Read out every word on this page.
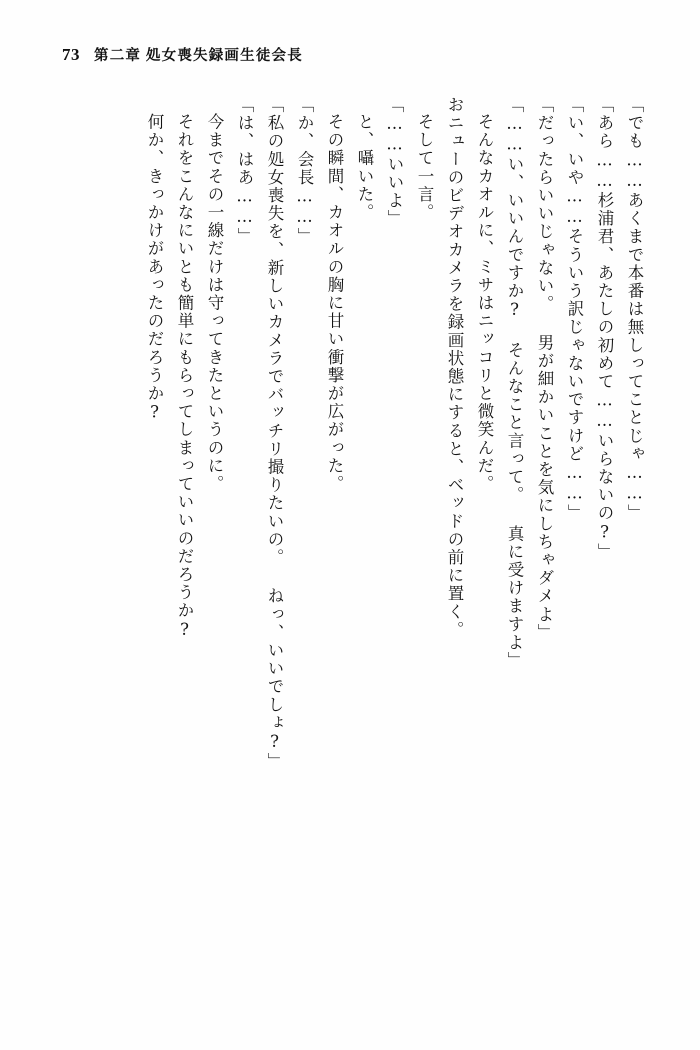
73 第二章 処女喪失録画生徒会長
「でも……あくまで本番は無しってことじゃ……」
「あら……杉浦君、あたしの初めて……いらないの?」
「い、いや……そういう訳じゃないですけど……」
「だったらいいじゃない。 男が細かいことを気にしちゃダメよ」
「……い、いいんですか? そんなこと言って。 真に受けますよ」
そんなカオルに、ミサはニッコリと微笑んだ。
おニューのビデオカメラを録画状態にすると、ベッドの前に置く。
そして一言。
「……いいよ」
と、囁いた。
その瞬間、カオルの胸に甘い衝撃が広がった。
「か、会長……」
「私の処女喪失を、新しいカメラでバッチリ撮りたいの。 ねっ、いいでしょ?」
「は、はあ……」
今までその一線だけは守ってきたというのに。
それをこんなにいとも簡単にもらってしまっていいのだろうか?
何か、きっかけがあったのだろうか?
